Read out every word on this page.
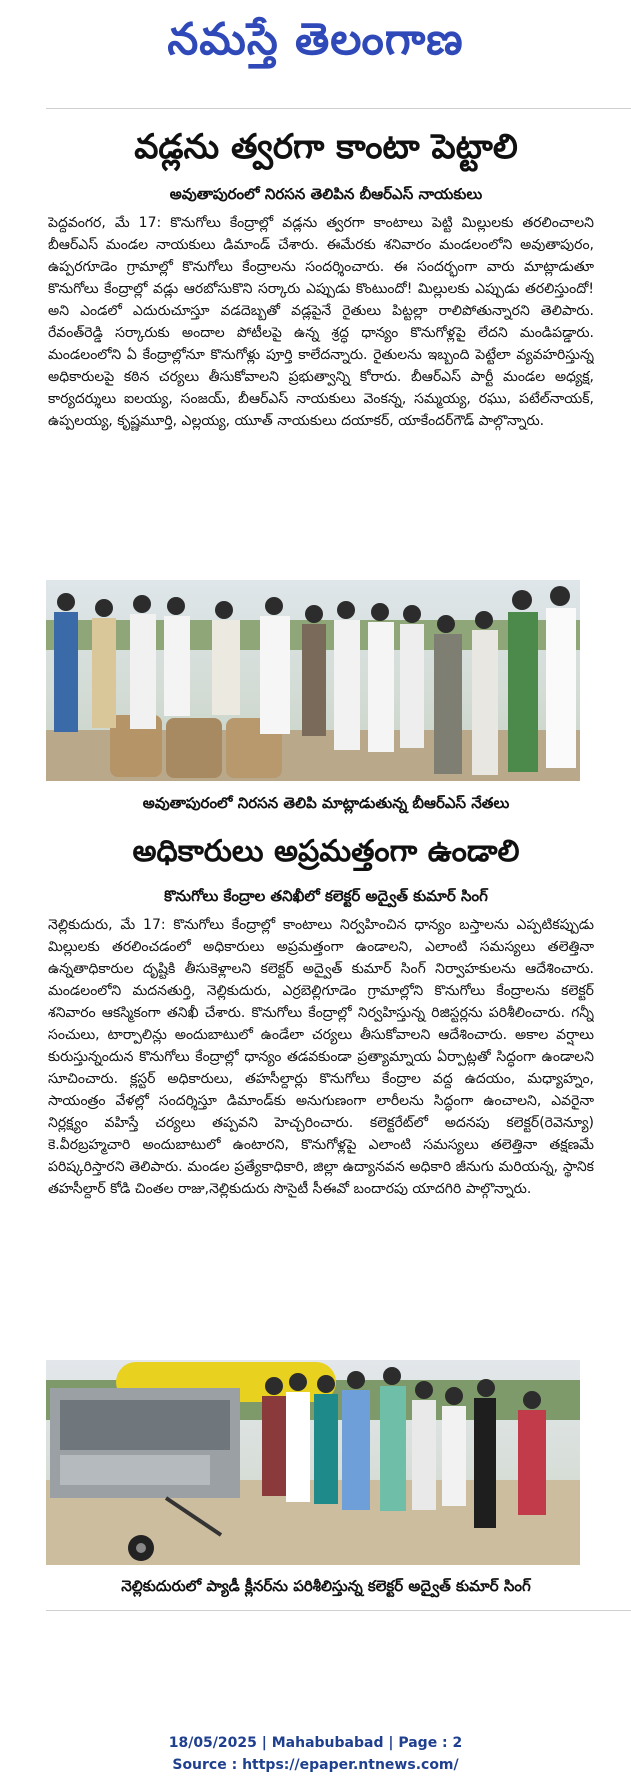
నమస్తే తెలంగాణ
వడ్లను త్వరగా కాంటా పెట్టాలి
అవుతాపురంలో నిరసన తెలిపిన బీఆర్ఎస్ నాయకులు

పెద్దవంగర, మే 17: కొనుగోలు కేంద్రాల్లో వడ్లను త్వరగా కాంటాలు పెట్టి మిల్లులకు తరలించాలని బీఆర్ఎస్ మండల నాయకులు డిమాండ్ చేశారు. ఈమేరకు శనివారం మండలంలోని అవుతాపురం, ఉప్పరగూడెం గ్రామాల్లో కొనుగోలు కేంద్రాలను సందర్శించారు. ఈ సందర్భంగా వారు మాట్లాడుతూ కొనుగోలు కేంద్రాల్లో వడ్లు ఆరబోసుకొని సర్కారు ఎప్పుడు కొంటుందో! మిల్లులకు ఎప్పుడు తరలిస్తుందో! అని ఎండలో ఎదురుచూస్తూ వడదెబ్బతో వడ్లపైనే రైతులు పిట్టల్లా రాలిపోతున్నారని తెలిపారు. రేవంత్‌రెడ్డి సర్కారుకు అందాల పోటీలపై ఉన్న శ్రద్ధ ధాన్యం కొనుగోళ్లపై లేదని మండిపడ్డారు. మండలంలోని ఏ కేంద్రాల్లోనూ కొనుగోళ్లు పూర్తి కాలేదన్నారు. రైతులను ఇబ్బంది పెట్టేలా వ్యవహరిస్తున్న అధికారులపై కఠిన చర్యలు తీసుకోవాలని ప్రభుత్వాన్ని కోరారు. బీఆర్ఎస్ పార్టీ మండల అధ్యక్ష, కార్యదర్శులు ఐలయ్య, సంజయ్, బీఆర్ఎస్ నాయకులు వెంకన్న, సమ్మయ్య, రఘు, పటేల్‌నాయక్, ఉప్పలయ్య, కృష్ణమూర్తి, ఎల్లయ్య, యూత్ నాయకులు దయాకర్, యాకేందర్‌గౌడ్ పాల్గొన్నారు.

అవుతాపురంలో నిరసన తెలిపి మాట్లాడుతున్న బీఆర్ఎస్ నేతలు
అధికారులు అప్రమత్తంగా ఉండాలి
కొనుగోలు కేంద్రాల తనిఖీలో కలెక్టర్ అద్వైత్ కుమార్ సింగ్

నెల్లికుదురు, మే 17: కొనుగోలు కేంద్రాల్లో కాంటాలు నిర్వహించిన ధాన్యం బస్తాలను ఎప్పటికప్పుడు మిల్లులకు తరలించడంలో అధికారులు అప్రమత్తంగా ఉండాలని, ఎలాంటి సమస్యలు తలెత్తినా ఉన్నతాధికారుల దృష్టికి తీసుకెళ్లాలని కలెక్టర్ అద్వైత్ కుమార్ సింగ్ నిర్వాహకులను ఆదేశించారు. మండలంలోని మదనతుర్తి, నెల్లికుదురు, ఎర్రబెల్లిగూడెం గ్రామాల్లోని కొనుగోలు కేంద్రాలను కలెక్టర్ శనివారం ఆకస్మికంగా తనిఖీ చేశారు. కొనుగోలు కేంద్రాల్లో నిర్వహిస్తున్న రిజిస్టర్లను పరిశీలించారు. గన్నీ సంచులు, టార్పాలిన్లు అందుబాటులో ఉండేలా చర్యలు తీసుకోవాలని ఆదేశించారు. అకాల వర్షాలు కురుస్తున్నందున కొనుగోలు కేంద్రాల్లో ధాన్యం తడవకుండా ప్రత్యామ్నాయ ఏర్పాట్లతో సిద్ధంగా ఉండాలని సూచించారు. క్లస్టర్ అధికారులు, తహసీల్దార్లు కొనుగోలు కేంద్రాల వద్ద ఉదయం, మధ్యాహ్నం, సాయంత్రం వేళల్లో సందర్శిస్తూ డిమాండ్‌కు అనుగుణంగా లారీలను సిద్ధంగా ఉంచాలని, ఎవరైనా నిర్లక్ష్యం వహిస్తే చర్యలు తప్పవని హెచ్చరించారు. కలెక్టరేట్‌లో అదనపు కలెక్టర్(రెవెన్యూ) కె.వీరబ్రహ్మచారి అందుబాటులో ఉంటారని, కొనుగోళ్లపై ఎలాంటి సమస్యలు తలెత్తినా తక్షణమే పరిష్కరిస్తారని తెలిపారు. మండల ప్రత్యేకాధికారి, జిల్లా ఉద్యానవన అధికారి జీనుగు మరియన్న, స్థానిక తహసీల్దార్ కోడి చింతల రాజు,నెల్లికుదురు సొసైటీ సీఈవో బందారపు యాదగిరి పాల్గొన్నారు.

నెల్లికుదురులో ప్యాడీ క్లీనర్‌ను పరిశీలిస్తున్న కలెక్టర్ అద్వైత్ కుమార్ సింగ్
18/05/2025 | Mahabubabad | Page : 2
Source : https://epaper.ntnews.com/
